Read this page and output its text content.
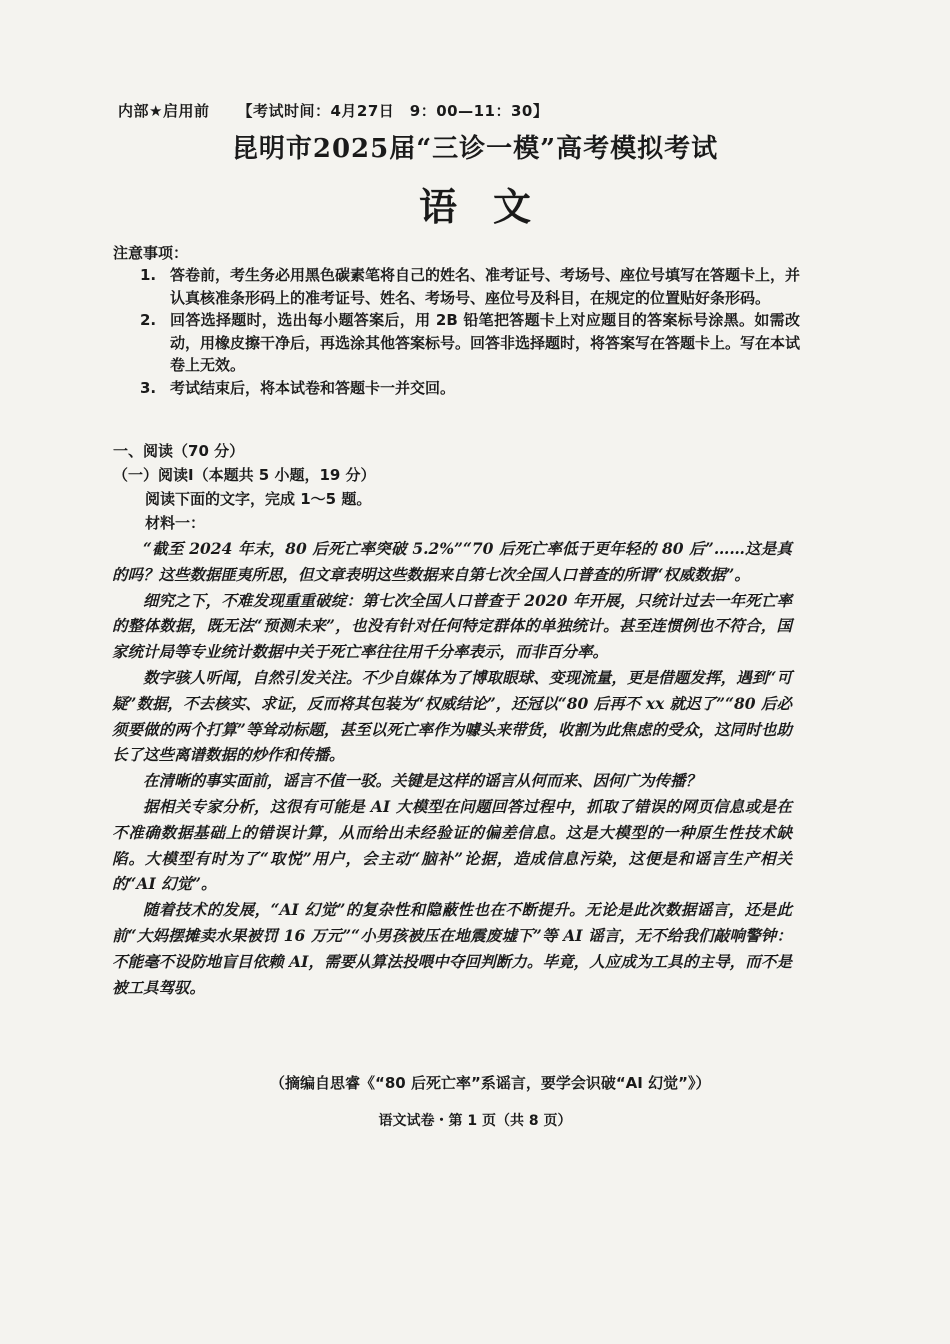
内部★启用前 【考试时间：4月27日　9：00—11：30】
昆明市2025届“三诊一模”高考模拟考试
语文
注意事项：
1. 答卷前，考生务必用黑色碳素笔将自己的姓名、准考证号、考场号、座位号填写在答题卡上，并认真核准条形码上的准考证号、姓名、考场号、座位号及科目，在规定的位置贴好条形码。
2. 回答选择题时，选出每小题答案后，用 2B 铅笔把答题卡上对应题目的答案标号涂黑。如需改动，用橡皮擦干净后，再选涂其他答案标号。回答非选择题时，将答案写在答题卡上。写在本试卷上无效。
3. 考试结束后，将本试卷和答题卡一并交回。
一、阅读（70 分）
（一）阅读Ⅰ（本题共 5 小题，19 分）
阅读下面的文字，完成 1～5 题。
材料一：

“截至 2024 年末，80 后死亡率突破 5.2%”“70 后死亡率低于更年轻的 80 后”……这是真的吗？这些数据匪夷所思，但文章表明这些数据来自第七次全国人口普查的所谓“权威数据”。

细究之下，不难发现重重破绽：第七次全国人口普查于 2020 年开展，只统计过去一年死亡率的整体数据，既无法“预测未来”，也没有针对任何特定群体的单独统计。甚至连惯例也不符合，国家统计局等专业统计数据中关于死亡率往往用千分率表示，而非百分率。

数字骇人听闻，自然引发关注。不少自媒体为了博取眼球、变现流量，更是借题发挥，遇到“可疑”数据，不去核实、求证，反而将其包装为“权威结论”，还冠以“80 后再不 xx 就迟了”“80 后必须要做的两个打算”等耸动标题，甚至以死亡率作为噱头来带货，收割为此焦虑的受众，这同时也助长了这些离谱数据的炒作和传播。

在清晰的事实面前，谣言不值一驳。关键是这样的谣言从何而来、因何广为传播？

据相关专家分析，这很有可能是 AI 大模型在问题回答过程中，抓取了错误的网页信息或是在不准确数据基础上的错误计算，从而给出未经验证的偏差信息。这是大模型的一种原生性技术缺陷。大模型有时为了“取悦”用户，会主动“脑补”论据，造成信息污染，这便是和谣言生产相关的“AI 幻觉”。

随着技术的发展，“AI 幻觉”的复杂性和隐蔽性也在不断提升。无论是此次数据谣言，还是此前“大妈摆摊卖水果被罚 16 万元”“小男孩被压在地震废墟下”等 AI 谣言，无不给我们敲响警钟：不能毫不设防地盲目依赖 AI，需要从算法投喂中夺回判断力。毕竟，人应成为工具的主导，而不是被工具驾驭。

（摘编自思睿《“80 后死亡率”系谣言，要学会识破“AI 幻觉”》）
语文试卷・第 1 页（共 8 页）
